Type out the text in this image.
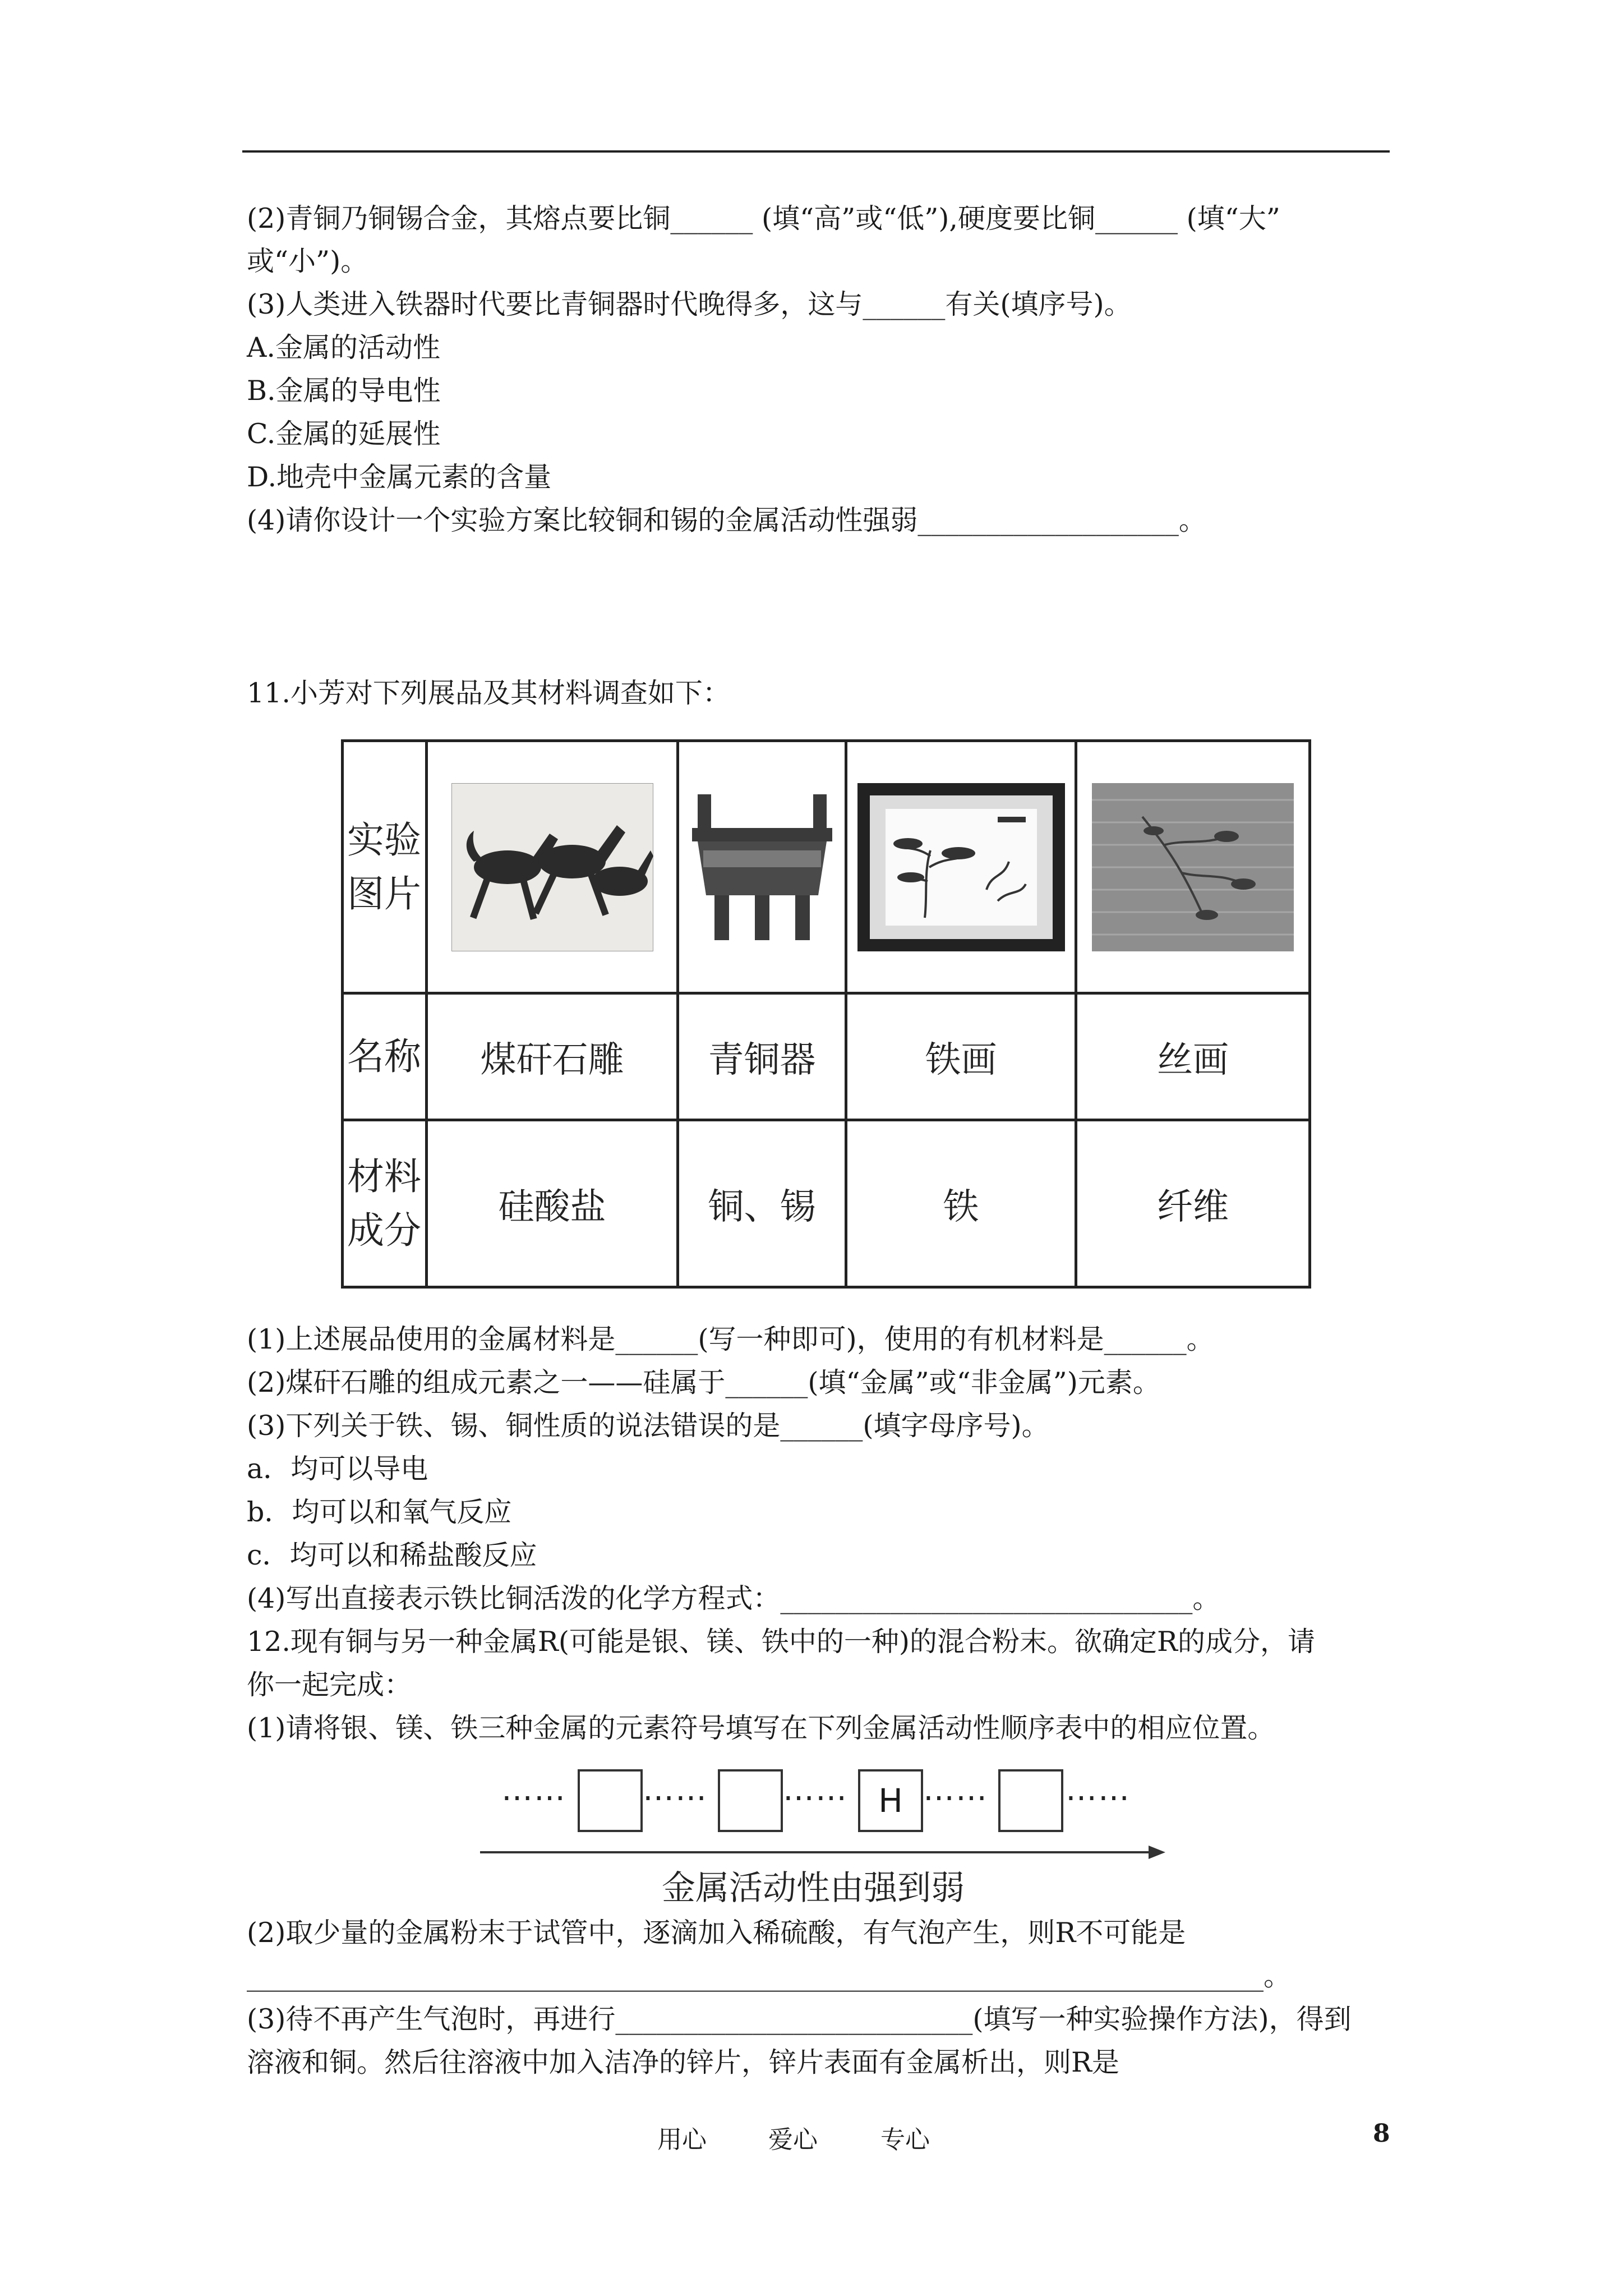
(2)青铜乃铜锡合金，其熔点要比铜______ (填“高”或“低”),硬度要比铜______ (填“大”
或“小”)。
(3)人类进入铁器时代要比青铜器时代晚得多，这与______有关(填序号)。
A.金属的活动性
B.金属的导电性
C.金属的延展性
D.地壳中金属元素的含量
(4)请你设计一个实验方案比较铜和锡的金属活动性强弱___________________。
11.小芳对下列展品及其材料调查如下：
实验图片	

名称	煤矸石雕	青铜器	铁画	丝画
材料成分	硅酸盐	铜、锡	铁	纤维
(1)上述展品使用的金属材料是______(写一种即可)，使用的有机材料是______。
(2)煤矸石雕的组成元素之一——硅属于______(填“金属”或“非金属”)元素。
(3)下列关于铁、锡、铜性质的说法错误的是______(填字母序号)。
a．均可以导电
b．均可以和氧气反应
c．均可以和稀盐酸反应
(4)写出直接表示铁比铜活泼的化学方程式：______________________________。
12.现有铜与另一种金属R(可能是银、镁、铁中的一种)的混合粉末。欲确定R的成分，请
你一起完成：
(1)请将银、镁、铁三种金属的元素符号填写在下列金属活动性顺序表中的相应位置。
…… …… …… H …… ……
金属活动性由强到弱
(2)取少量的金属粉末于试管中，逐滴加入稀硫酸，有气泡产生，则R不可能是
__________________________________________________________________________。
(3)待不再产生气泡时，再进行__________________________(填写一种实验操作方法)，得到
溶液和铜。然后往溶液中加入洁净的锌片，锌片表面有金属析出，则R是
用心	爱心	专心	8
